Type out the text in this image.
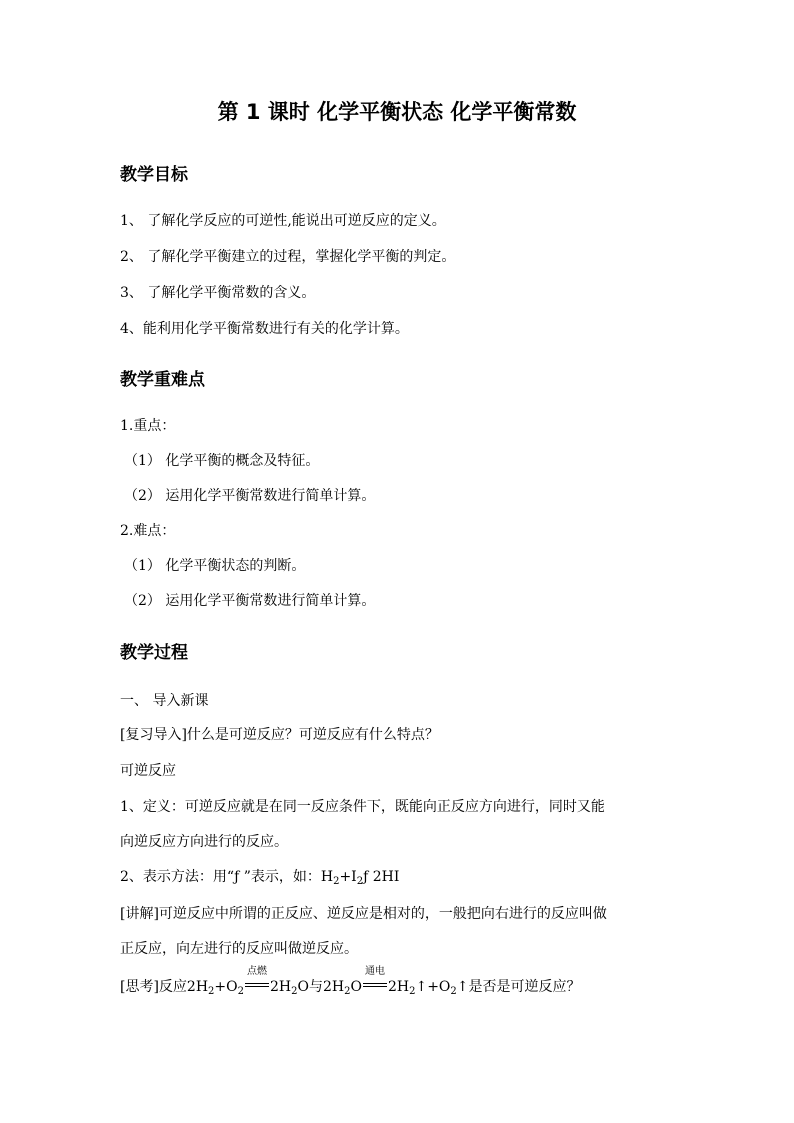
第 1 课时 化学平衡状态 化学平衡常数
教学目标
1、 了解化学反应的可逆性,能说出可逆反应的定义。
2、 了解化学平衡建立的过程，掌握化学平衡的判定。
3、 了解化学平衡常数的含义。
4、能利用化学平衡常数进行有关的化学计算。
教学重难点
1.重点：
（1） 化学平衡的概念及特征。
（2） 运用化学平衡常数进行简单计算。
2.难点：
（1） 化学平衡状态的判断。
（2） 运用化学平衡常数进行简单计算。
教学过程
一、 导入新课
[复习导入]什么是可逆反应？可逆反应有什么特点？
可逆反应
1、定义：可逆反应就是在同一反应条件下，既能向正反应方向进行，同时又能
向逆反应方向进行的反应。
2、表示方法：用“ƒ ”表示，如：$H_2+I_2ƒ$ 2HI
[讲解]可逆反应中所谓的正反应、逆反应是相对的，一般把向右进行的反应叫做
正反应，向左进行的反应叫做逆反应。
[思考]反应$2H_2+O_2$
点燃
$2H_2O$与$2H_2O$
通电
$2H_2↑+O_2↑$是否是可逆反应？
